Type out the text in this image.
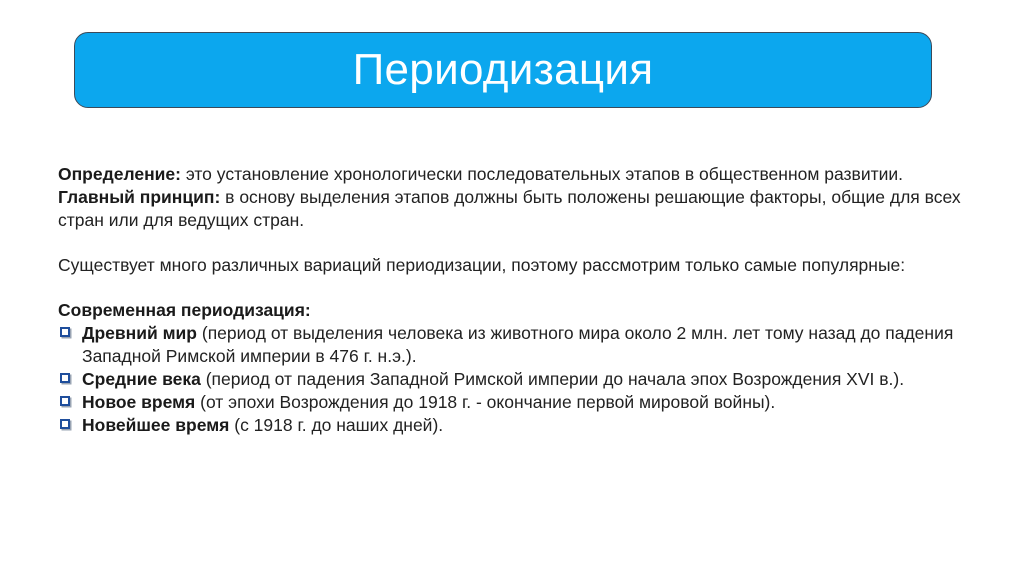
Периодизация

Определение: это установление хронологически последовательных этапов в общественном развитии.

Главный принцип: в основу выделения этапов должны быть положены решающие факторы, общие для всех стран или для ведущих стран.

Существует много различных вариаций периодизации, поэтому рассмотрим только самые популярные:

Современная периодизация:

Древний мир (период от выделения человека из животного мира около 2 млн. лет тому назад до падения Западной Римской империи в 476 г. н.э.).
Средние века (период от падения Западной Римской империи до начала эпох Возрождения XVI в.).
Новое время (от эпохи Возрождения до 1918 г. - окончание первой мировой войны).
Новейшее время (с 1918 г. до наших дней).
